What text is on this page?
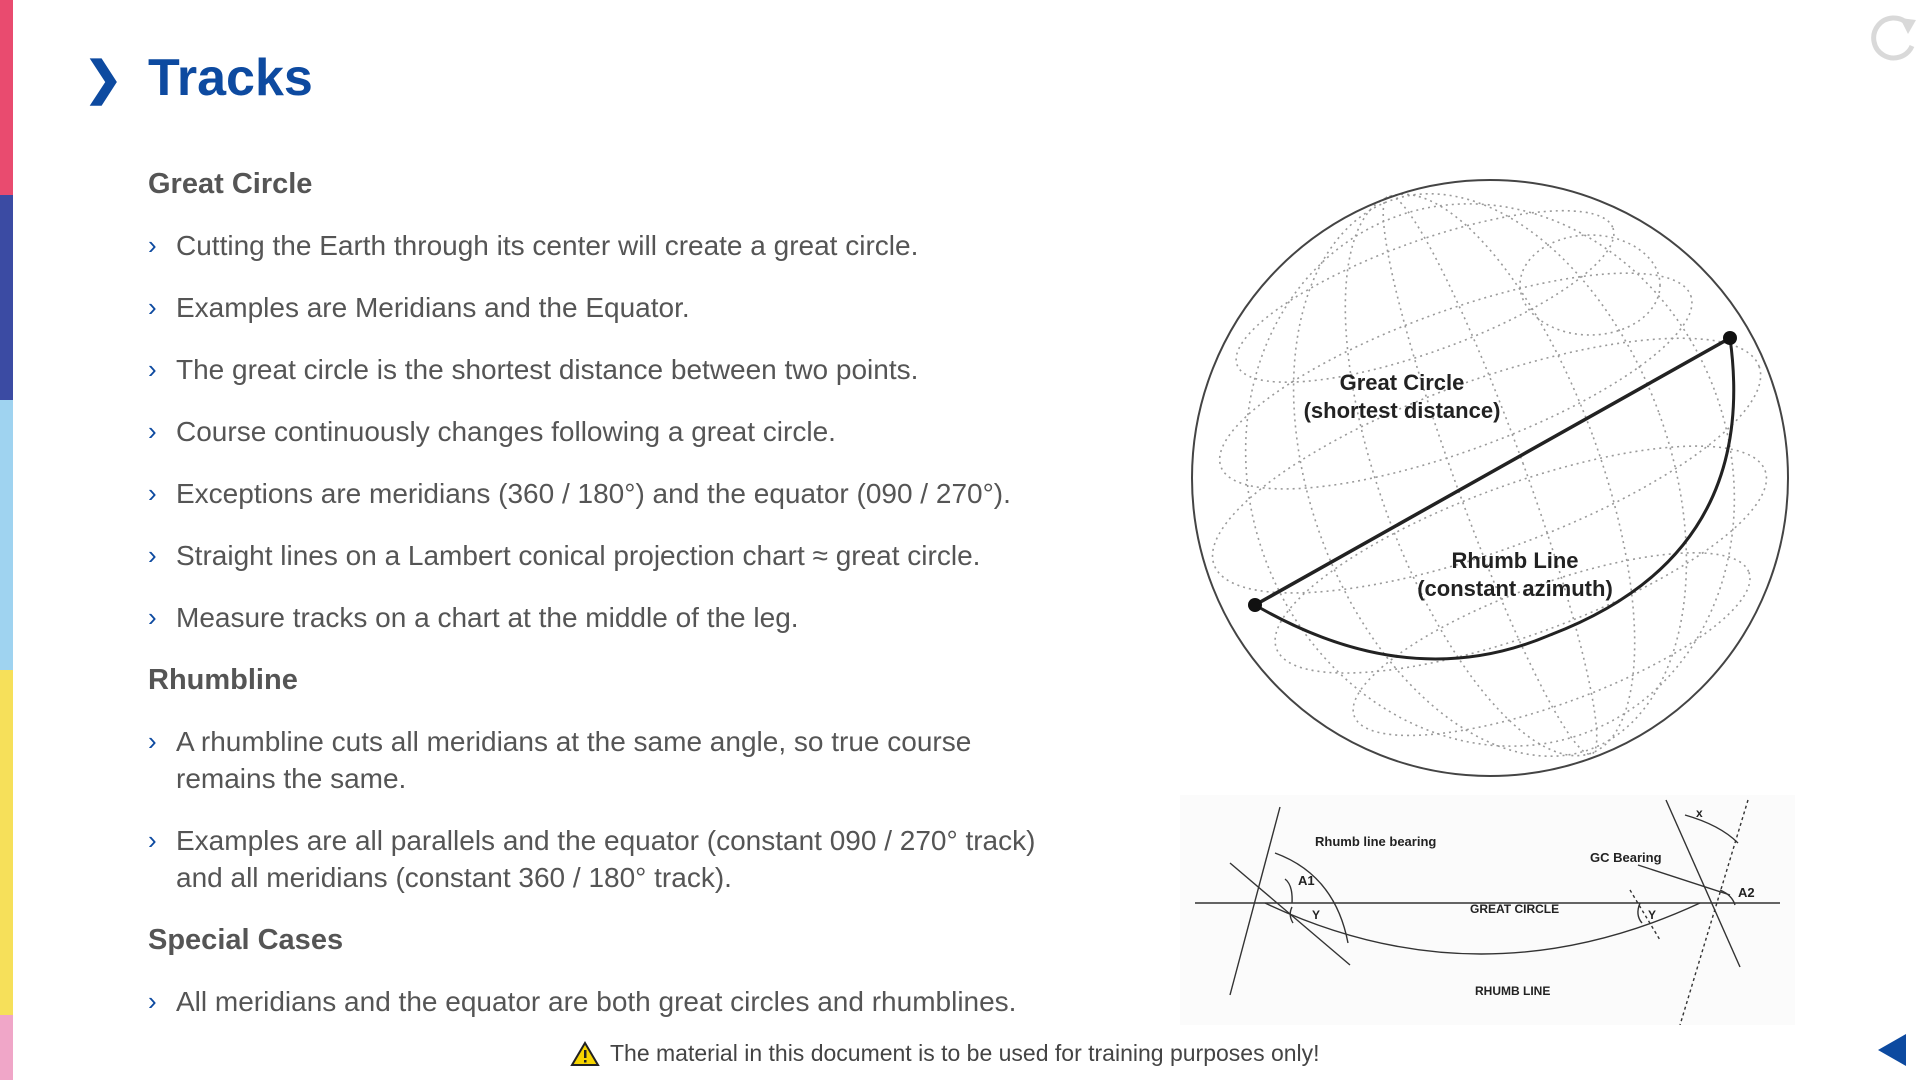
❯ Tracks
Great Circle
› Cutting the Earth through its center will create a great circle.
› Examples are Meridians and the Equator.
› The great circle is the shortest distance between two points.
› Course continuously changes following a great circle.
› Exceptions are meridians (360 / 180°) and the equator (090 / 270°).
› Straight lines on a Lambert conical projection chart ≈ great circle.
› Measure tracks on a chart at the middle of the leg.
Rhumbline
› A rhumbline cuts all meridians at the same angle, so true course remains the same.
› Examples are all parallels and the equator (constant 090 / 270° track) and all meridians (constant 360 / 180° track).
Special Cases
› All meridians and the equator are both great circles and rhumblines.
Great Circle
(shortest distance)
Rhumb Line
(constant azimuth)
Rhumb line bearing
GC Bearing
GREAT CIRCLE
RHUMB LINE
A1
A2
Y	Y
x
The material in this document is to be used for training purposes only!
